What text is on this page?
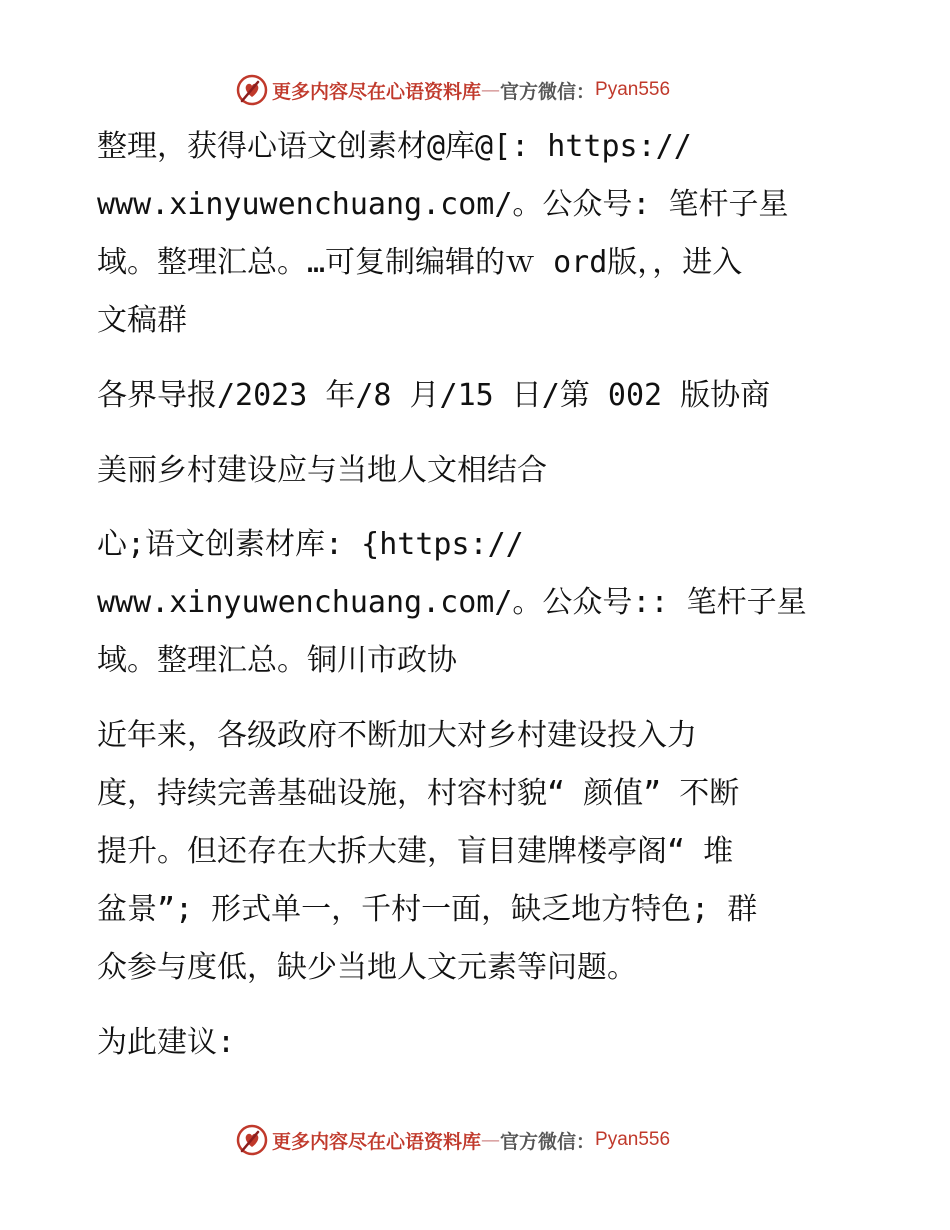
更多内容尽在心语资料库 — 官方微信： Pyan556
整理，获得心语文创素材@库@[: https://
www.xinyuwenchuang.com/。公众号: 笔杆子星
域。整理汇总。…可复制编辑的ｗ ord版，，进入
文稿群
各界导报/2023 年/8 月/15 日/第 002 版协商
美丽乡村建设应与当地人文相结合
心;语文创素材库: {https://
www.xinyuwenchuang.com/。公众号:: 笔杆子星
域。整理汇总。铜川市政协
近年来，各级政府不断加大对乡村建设投入力
度，持续完善基础设施，村容村貌“ 颜值” 不断
提升。但还存在大拆大建，盲目建牌楼亭阁“ 堆
盆景”; 形式单一，千村一面，缺乏地方特色; 群
众参与度低，缺少当地人文元素等问题。
为此建议:
更多内容尽在心语资料库 — 官方微信： Pyan556
